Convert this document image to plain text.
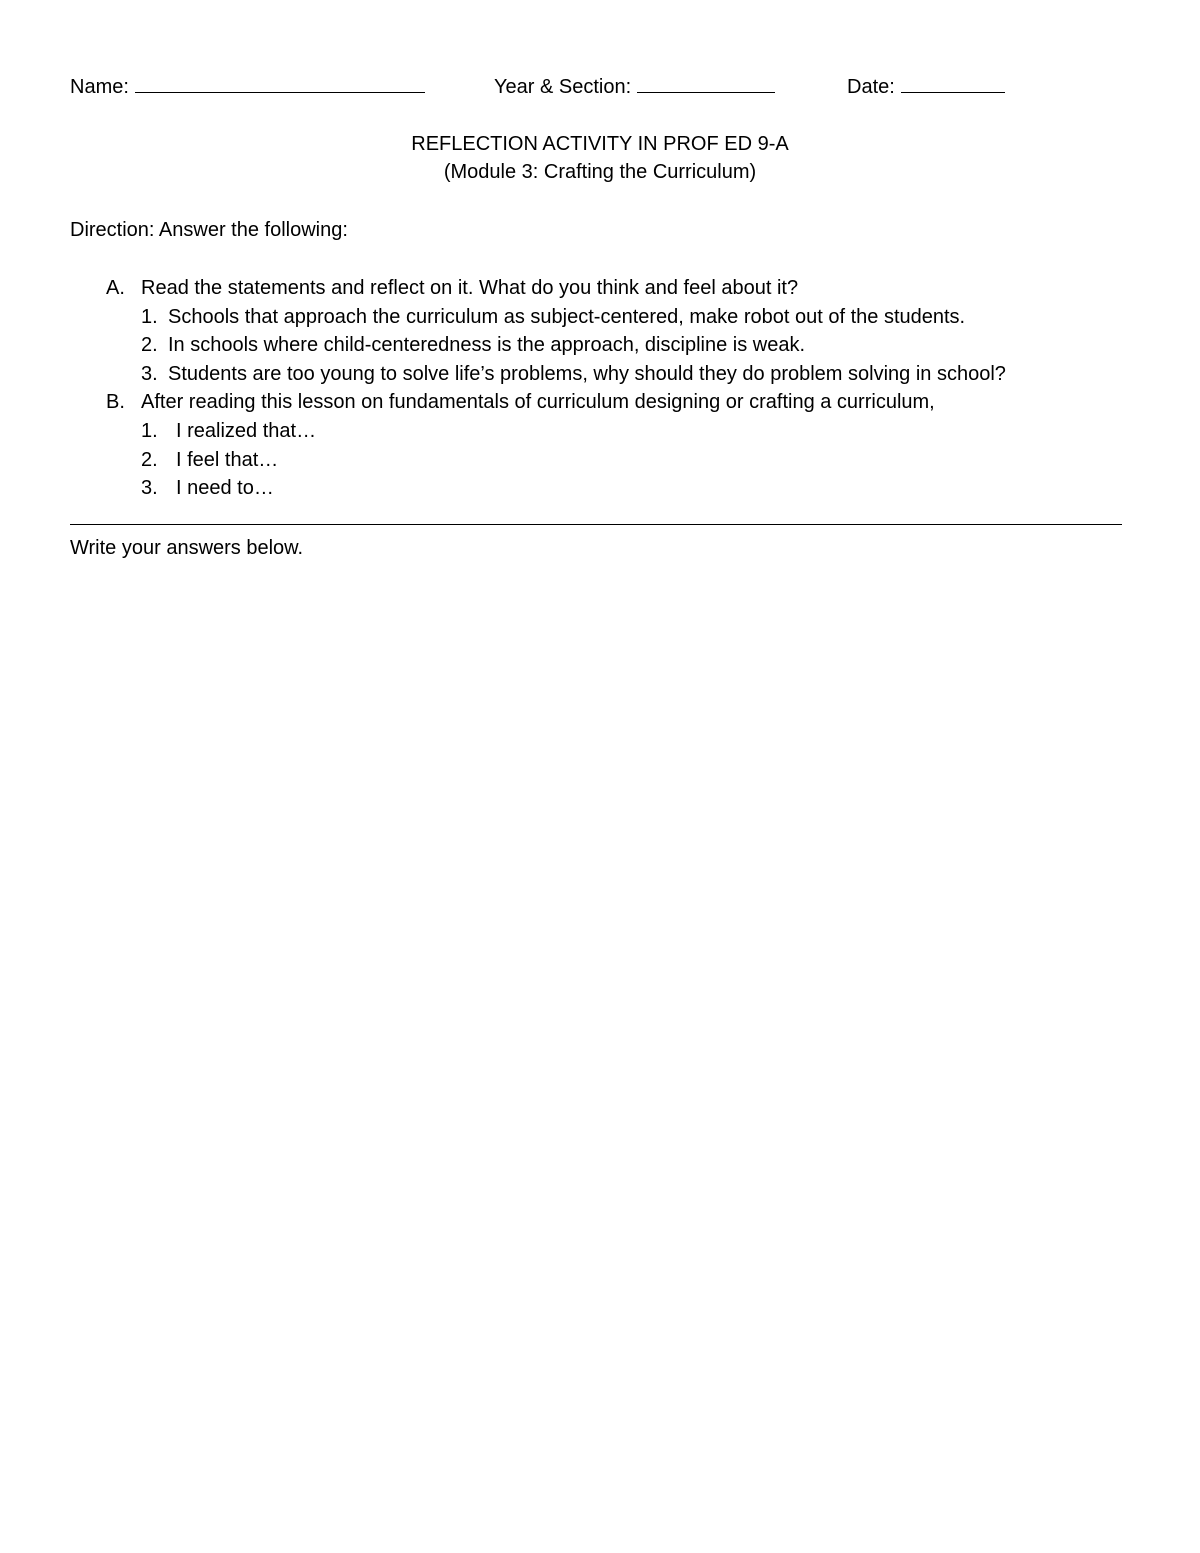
Name:	Year & Section:	Date:
REFLECTION ACTIVITY IN PROF ED 9-A
(Module 3: Crafting the Curriculum)
Direction: Answer the following:
A. Read the statements and reflect on it. What do you think and feel about it?
1. Schools that approach the curriculum as subject-centered, make robot out of the students.
2. In schools where child-centeredness is the approach, discipline is weak.
3. Students are too young to solve life’s problems, why should they do problem solving in school?
B. After reading this lesson on fundamentals of curriculum designing or crafting a curriculum,
1. I realized that…
2. I feel that…
3. I need to…
Write your answers below.
